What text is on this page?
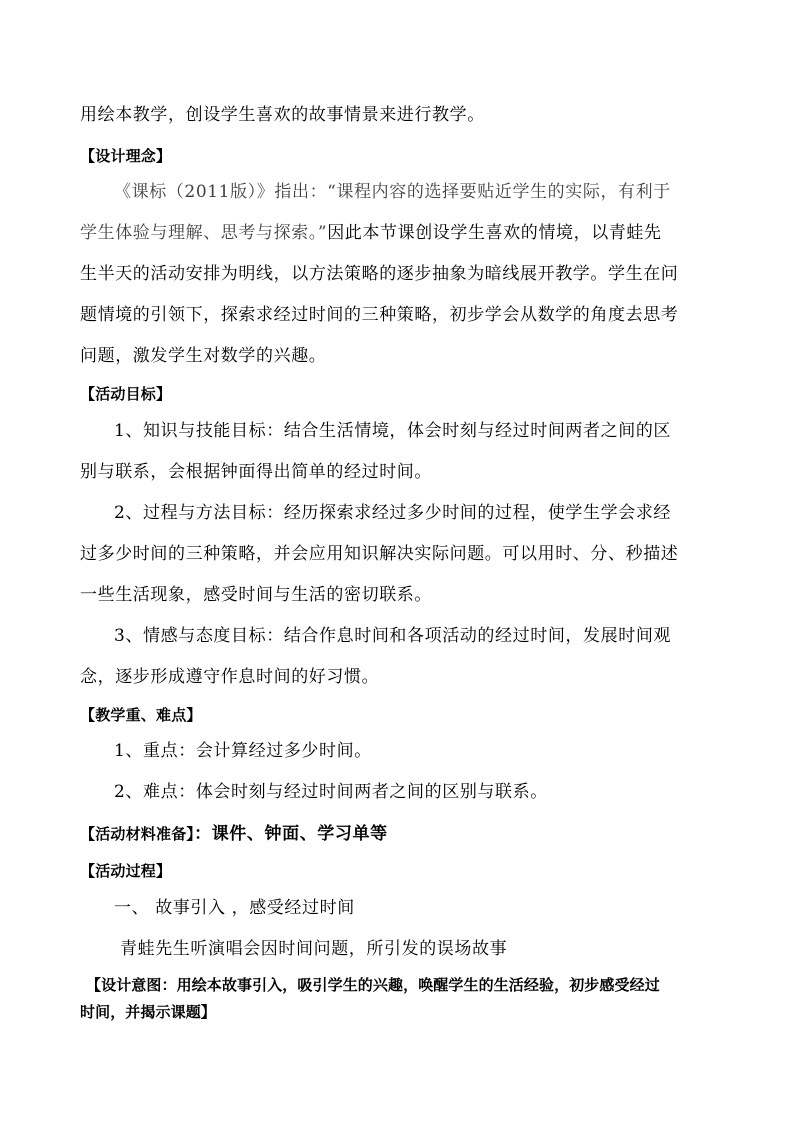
用绘本教学，创设学生喜欢的故事情景来进行教学。
【设计理念】
《课标（2011版）》指出：“课程内容的选择要贴近学生的实际，有利于
学生体验与理解、思考与探索。”因此本节课创设学生喜欢的情境，以青蛙先
生半天的活动安排为明线，以方法策略的逐步抽象为暗线展开教学。学生在问
题情境的引领下，探索求经过时间的三种策略，初步学会从数学的角度去思考
问题，激发学生对数学的兴趣。
【活动目标】
1、知识与技能目标：结合生活情境，体会时刻与经过时间两者之间的区
别与联系，会根据钟面得出简单的经过时间。
2、过程与方法目标：经历探索求经过多少时间的过程，使学生学会求经
过多少时间的三种策略，并会应用知识解决实际问题。可以用时、分、秒描述
一些生活现象，感受时间与生活的密切联系。
3、情感与态度目标：结合作息时间和各项活动的经过时间，发展时间观
念，逐步形成遵守作息时间的好习惯。
【教学重、难点】
1、重点：会计算经过多少时间。
2、难点：体会时刻与经过时间两者之间的区别与联系。
【活动材料准备】：课件、钟面、学习单等
【活动过程】
一、 故事引入 ，感受经过时间
青蛙先生听演唱会因时间问题，所引发的误场故事
【设计意图：用绘本故事引入，吸引学生的兴趣，唤醒学生的生活经验，初步感受经过
时间，并揭示课题】
